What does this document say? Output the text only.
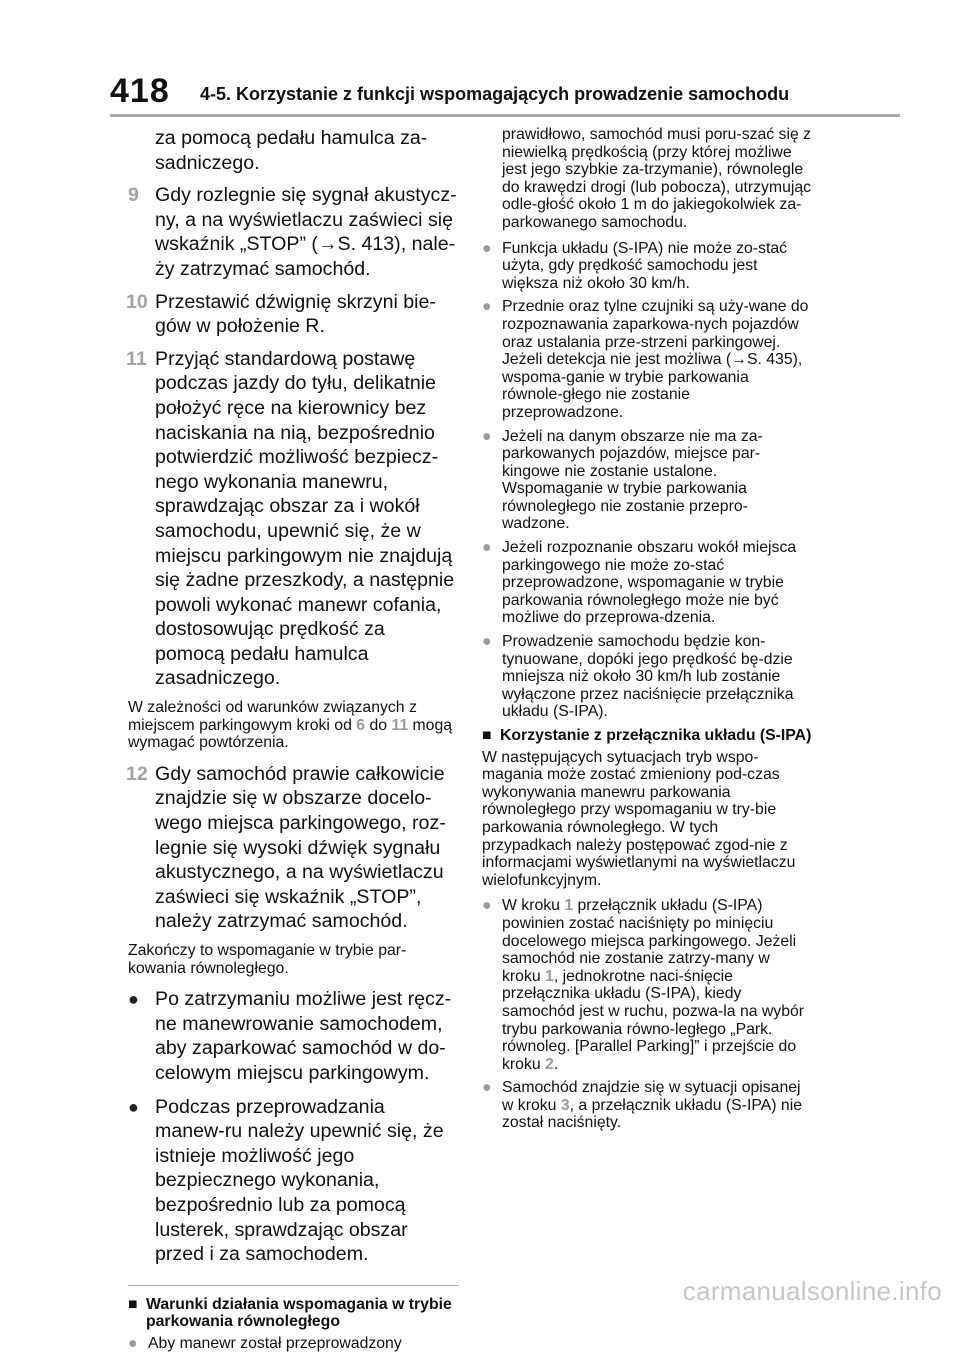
418 4-5. Korzystanie z funkcji wspomagających prowadzenie samochodu
za pomocą pedału hamulca za-sadniczego.
9 Gdy rozlegnie się sygnał akustycz-ny, a na wyświetlaczu zaświeci się wskaźnik „STOP” (→S. 413), nale-ży zatrzymać samochód.
10 Przestawić dźwignię skrzyni bie-gów w położenie R.
11 Przyjąć standardową postawę podczas jazdy do tyłu, delikatnie położyć ręce na kierownicy bez naciskania na nią, bezpośrednio potwierdzić możliwość bezpiecz-nego wykonania manewru, sprawdzając obszar za i wokół samochodu, upewnić się, że w miejscu parkingowym nie znajdują się żadne przeszkody, a następnie powoli wykonać manewr cofania, dostosowując prędkość za pomocą pedału hamulca zasadniczego.
W zależności od warunków związanych z miejscem parkingowym kroki od 6 do 11 mogą wymagać powtórzenia.
12 Gdy samochód prawie całkowicie znajdzie się w obszarze docelo-wego miejsca parkingowego, roz-legnie się wysoki dźwięk sygnału akustycznego, a na wyświetlaczu zaświeci się wskaźnik „STOP”, należy zatrzymać samochód.
Zakończy to wspomaganie w trybie par-kowania równoległego.
● Po zatrzymaniu możliwe jest ręcz-ne manewrowanie samochodem, aby zaparkować samochód w do-celowym miejscu parkingowym.
● Podczas przeprowadzania manew-ru należy upewnić się, że istnieje możliwość jego bezpiecznego wykonania, bezpośrednio lub za pomocą lusterek, sprawdzając obszar przed i za samochodem.
■ Warunki działania wspomagania w trybie parkowania równoległego
● Aby manewr został przeprowadzony
prawidłowo, samochód musi poru-szać się z niewielką prędkością (przy której możliwe jest jego szybkie za-trzymanie), równolegle do krawędzi drogi (lub pobocza), utrzymując odle-głość około 1 m do jakiegokolwiek za-parkowanego samochodu.
● Funkcja układu (S-IPA) nie może zo-stać użyta, gdy prędkość samochodu jest większa niż około 30 km/h.
● Przednie oraz tylne czujniki są uży-wane do rozpoznawania zaparkowa-nych pojazdów oraz ustalania prze-strzeni parkingowej. Jeżeli detekcja nie jest możliwa (→S. 435), wspoma-ganie w trybie parkowania równole-głego nie zostanie przeprowadzone.
● Jeżeli na danym obszarze nie ma za-parkowanych pojazdów, miejsce par-kingowe nie zostanie ustalone. Wspomaganie w trybie parkowania równoległego nie zostanie przepro-wadzone.
● Jeżeli rozpoznanie obszaru wokół miejsca parkingowego nie może zo-stać przeprowadzone, wspomaganie w trybie parkowania równoległego może nie być możliwe do przeprowa-dzenia.
● Prowadzenie samochodu będzie kon-tynuowane, dopóki jego prędkość bę-dzie mniejsza niż około 30 km/h lub zostanie wyłączone przez naciśnięcie przełącznika układu (S-IPA).
■ Korzystanie z przełącznika układu (S-IPA)
W następujących sytuacjach tryb wspo-magania może zostać zmieniony pod-czas wykonywania manewru parkowania równoległego przy wspomaganiu w try-bie parkowania równoległego. W tych przypadkach należy postępować zgod-nie z informacjami wyświetlanymi na wyświetlaczu wielofunkcyjnym.
● W kroku 1 przełącznik układu (S-IPA) powinien zostać naciśnięty po minięciu docelowego miejsca parkingowego. Jeżeli samochód nie zostanie zatrzy-many w kroku 1, jednokrotne naci-śnięcie przełącznika układu (S-IPA), kiedy samochód jest w ruchu, pozwa-la na wybór trybu parkowania równo-ległego „Park. równoleg. [Parallel Parking]” i przejście do kroku 2.
● Samochód znajdzie się w sytuacji opisanej w kroku 3, a przełącznik układu (S-IPA) nie został naciśnięty.
carmanualsonline.info
